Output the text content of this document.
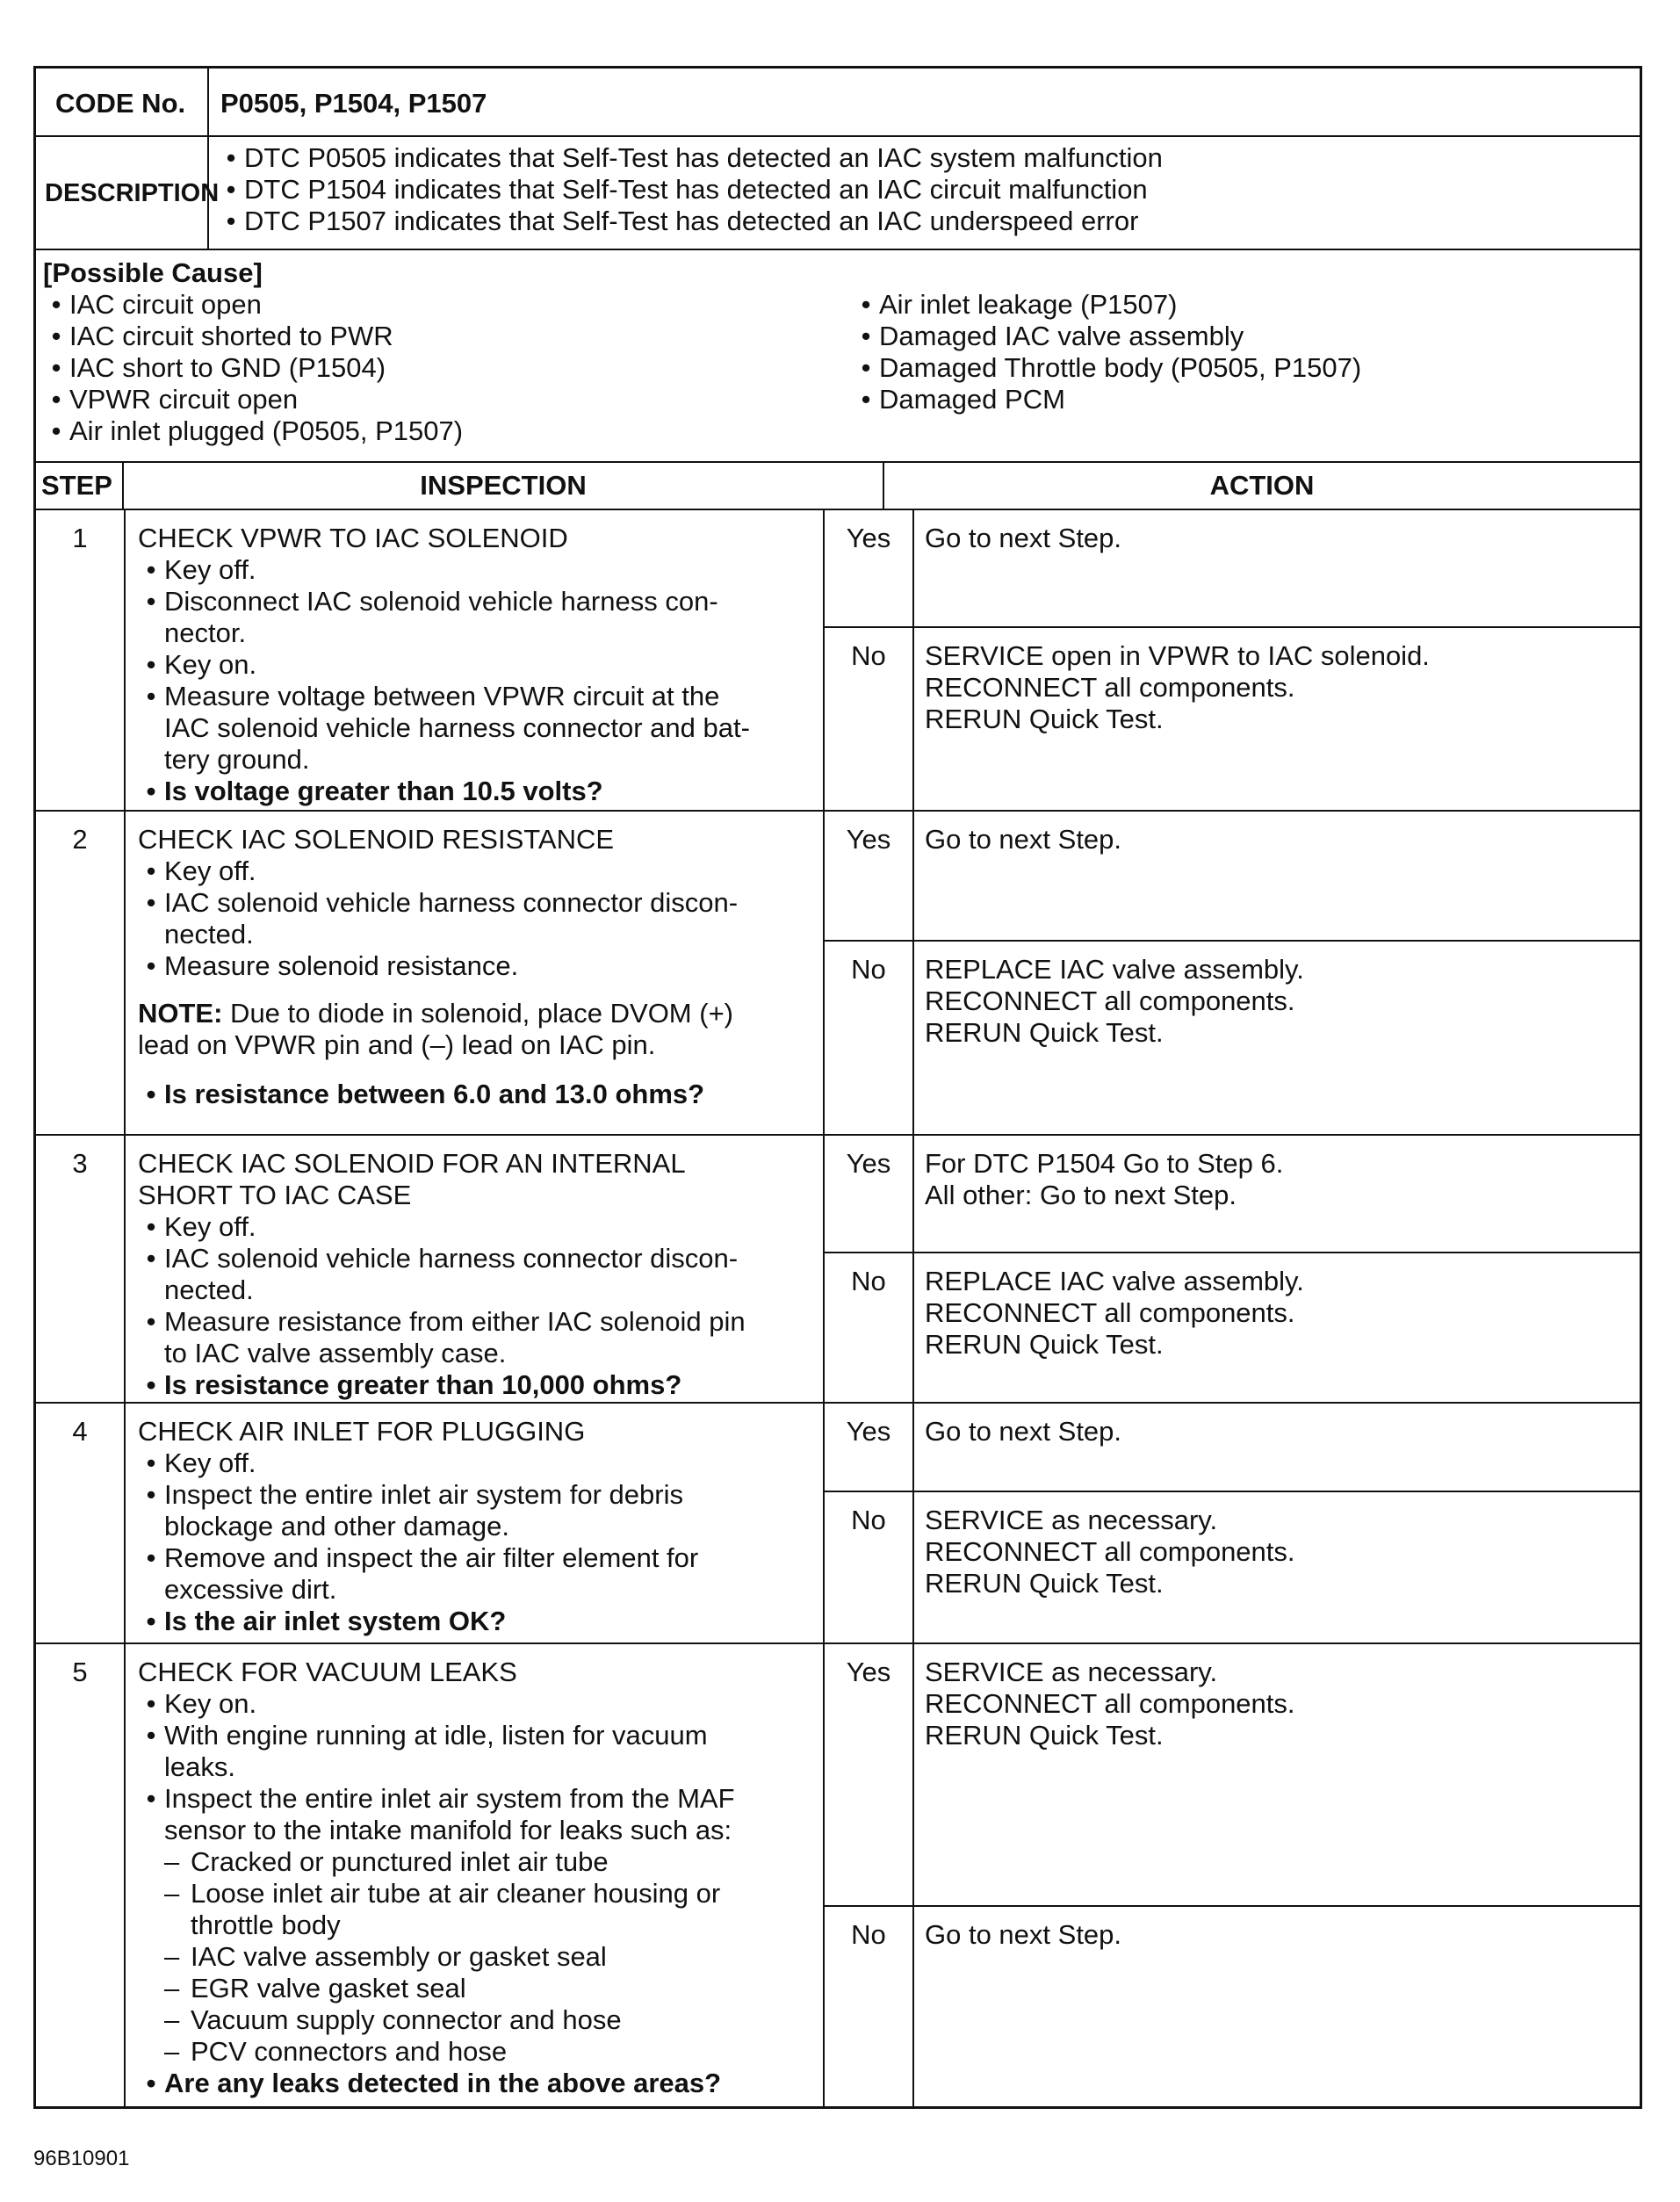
CODE No.	P0505, P1504, P1507
DESCRIPTION
• DTC P0505 indicates that Self-Test has detected an IAC system malfunction
• DTC P1504 indicates that Self-Test has detected an IAC circuit malfunction
• DTC P1507 indicates that Self-Test has detected an IAC underspeed error
[Possible Cause]
• IAC circuit open
• IAC circuit shorted to PWR
• IAC short to GND (P1504)
• VPWR circuit open
• Air inlet plugged (P0505, P1507)
• Air inlet leakage (P1507)
• Damaged IAC valve assembly
• Damaged Throttle body (P0505, P1507)
• Damaged PCM
STEP	INSPECTION	ACTION
1	CHECK VPWR TO IAC SOLENOID
• Key off.
• Disconnect IAC solenoid vehicle harness con-
nector.
• Key on.
• Measure voltage between VPWR circuit at the
IAC solenoid vehicle harness connector and bat-
tery ground.
• Is voltage greater than 10.5 volts?
Yes	Go to next Step.
No	SERVICE open in VPWR to IAC solenoid.
RECONNECT all components.
RERUN Quick Test.
2	CHECK IAC SOLENOID RESISTANCE
• Key off.
• IAC solenoid vehicle harness connector discon-
nected.
• Measure solenoid resistance.
NOTE: Due to diode in solenoid, place DVOM (+)
lead on VPWR pin and (–) lead on IAC pin.
• Is resistance between 6.0 and 13.0 ohms?
Yes	Go to next Step.
No	REPLACE IAC valve assembly.
RECONNECT all components.
RERUN Quick Test.
3	CHECK IAC SOLENOID FOR AN INTERNAL
SHORT TO IAC CASE
• Key off.
• IAC solenoid vehicle harness connector discon-
nected.
• Measure resistance from either IAC solenoid pin
to IAC valve assembly case.
• Is resistance greater than 10,000 ohms?
Yes	For DTC P1504 Go to Step 6.
All other: Go to next Step.
No	REPLACE IAC valve assembly.
RECONNECT all components.
RERUN Quick Test.
4	CHECK AIR INLET FOR PLUGGING
• Key off.
• Inspect the entire inlet air system for debris
blockage and other damage.
• Remove and inspect the air filter element for
excessive dirt.
• Is the air inlet system OK?
Yes	Go to next Step.
No	SERVICE as necessary.
RECONNECT all components.
RERUN Quick Test.
5	CHECK FOR VACUUM LEAKS
• Key on.
• With engine running at idle, listen for vacuum
leaks.
• Inspect the entire inlet air system from the MAF
sensor to the intake manifold for leaks such as:
– Cracked or punctured inlet air tube
– Loose inlet air tube at air cleaner housing or
throttle body
– IAC valve assembly or gasket seal
– EGR valve gasket seal
– Vacuum supply connector and hose
– PCV connectors and hose
• Are any leaks detected in the above areas?
Yes	SERVICE as necessary.
RECONNECT all components.
RERUN Quick Test.
No	Go to next Step.
96B10901
